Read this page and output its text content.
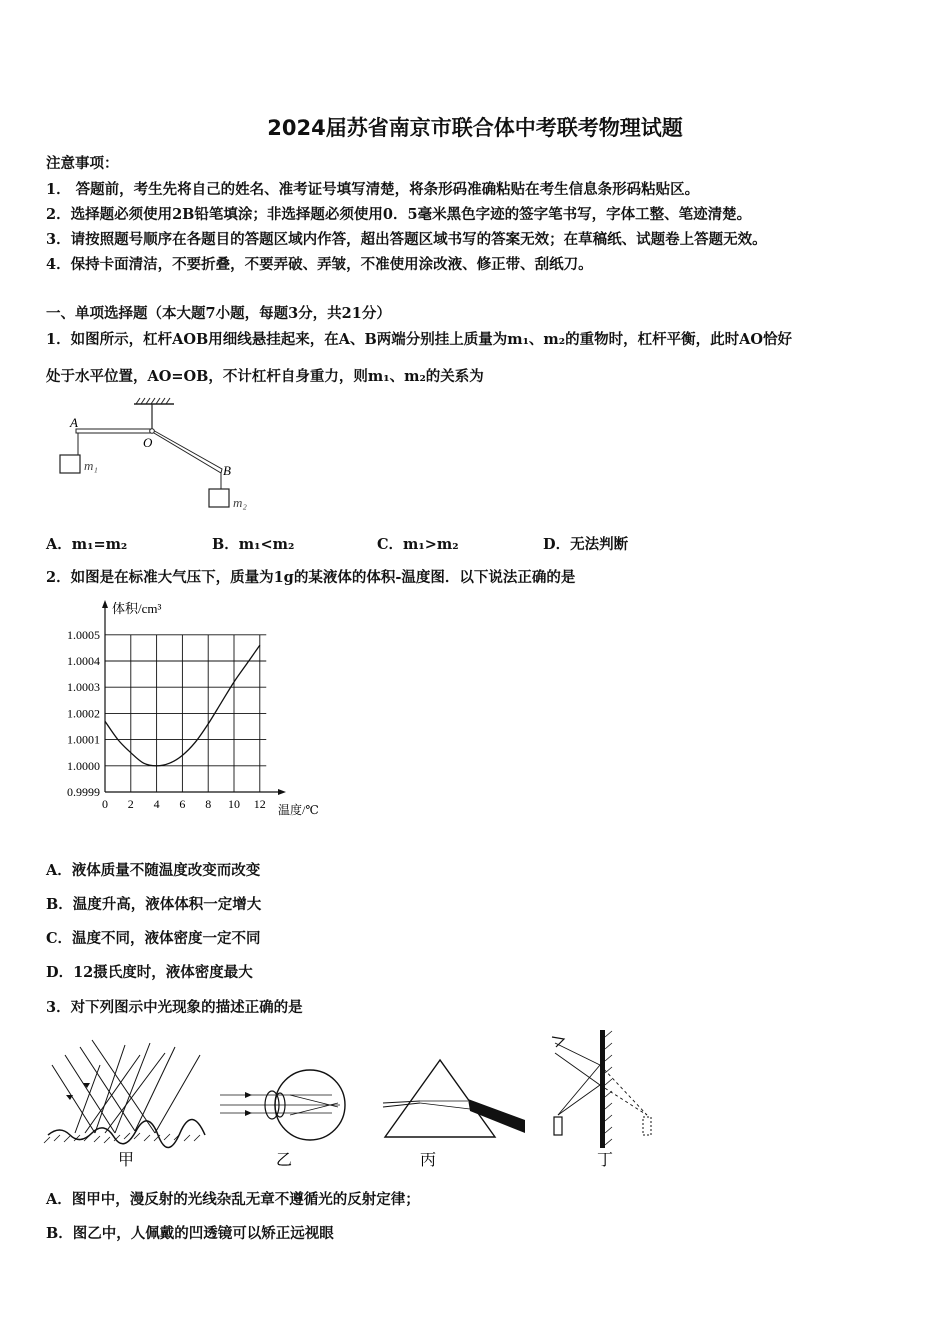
2024届苏省南京市联合体中考联考物理试题
注意事项：
1． 答题前，考生先将自己的姓名、准考证号填写清楚，将条形码准确粘贴在考生信息条形码粘贴区。
2．选择题必须使用2B铅笔填涂；非选择题必须使用0．5毫米黑色字迹的签字笔书写，字体工整、笔迹清楚。
3．请按照题号顺序在各题目的答题区域内作答，超出答题区域书写的答案无效；在草稿纸、试题卷上答题无效。
4．保持卡面清洁，不要折叠，不要弄破、弄皱，不准使用涂改液、修正带、刮纸刀。
一、单项选择题（本大题7小题，每题3分，共21分）
1．如图所示，杠杆AOB用细线悬挂起来，在A、B两端分别挂上质量为m₁、m₂的重物时，杠杆平衡，此时AO恰好
处于水平位置，AO=OB，不计杠杆自身重力，则m₁、m₂的关系为
A
O
B
m₁
m₂
A．m₁=m₂	B．m₁<m₂	C．m₁>m₂	D．无法判断
2．如图是在标准大气压下，质量为1g的某液体的体积-温度图．以下说法正确的是
0.9999
1.0000
1.0001
1.0002
1.0003
1.0004
1.0005
0 2 4 6 8 10 12
体积/cm³
温度/℃
A．液体质量不随温度改变而改变
B．温度升高，液体体积一定增大
C．温度不同，液体密度一定不同
D．12摄氏度时，液体密度最大
3．对下列图示中光现象的描述正确的是
甲	乙	丙	丁
A．图甲中，漫反射的光线杂乱无章不遵循光的反射定律；
B．图乙中，人佩戴的凹透镜可以矫正远视眼
